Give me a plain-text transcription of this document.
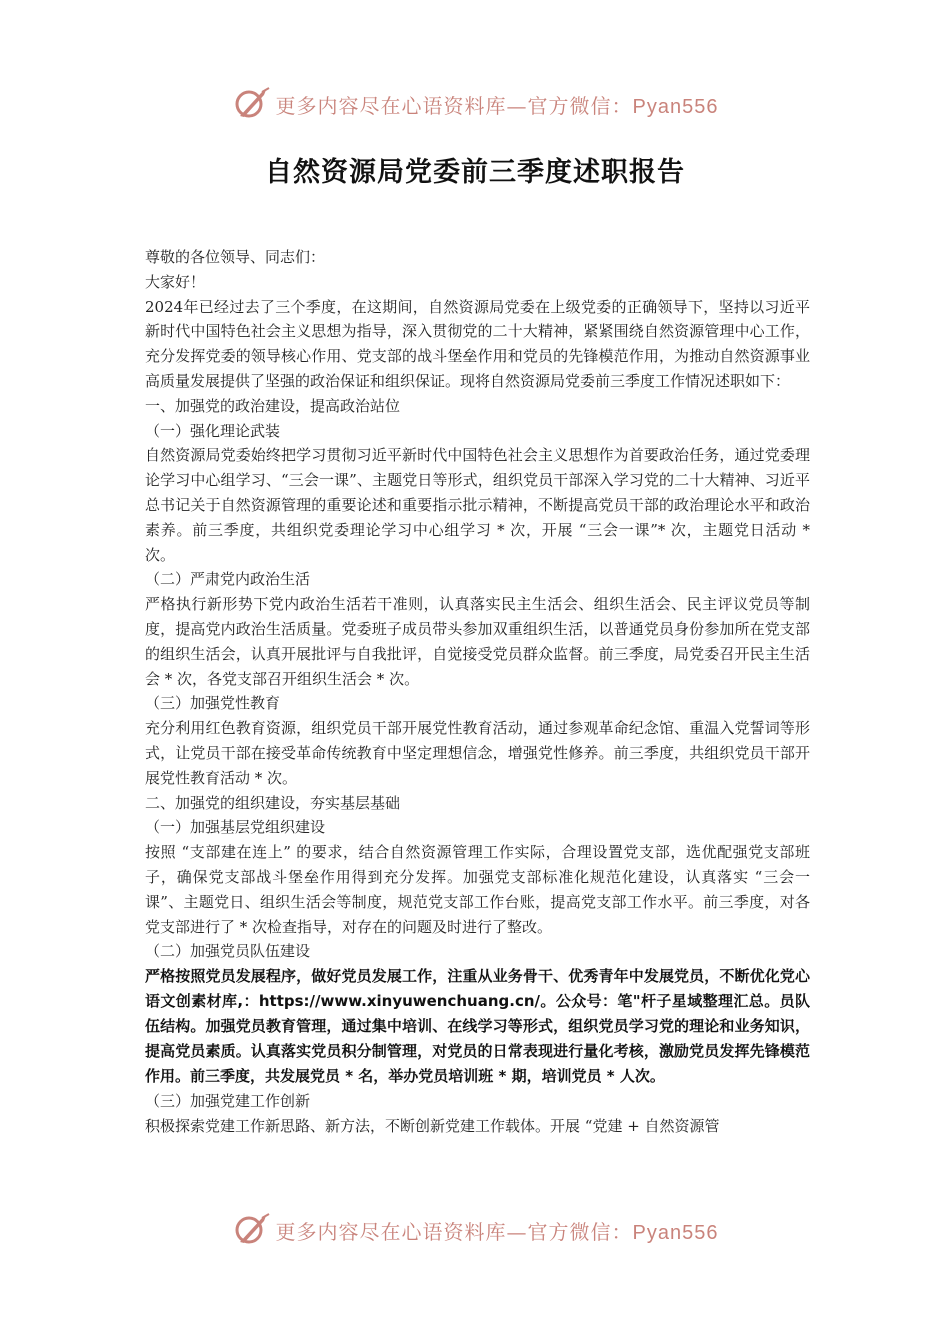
更多内容尽在心语资料库—官方微信：Pyan556
自然资源局党委前三季度述职报告

尊敬的各位领导、同志们：

大家好！

2024年已经过去了三个季度，在这期间，自然资源局党委在上级党委的正确领导下，坚持以习近平新时代中国特色社会主义思想为指导，深入贯彻党的二十大精神，紧紧围绕自然资源管理中心工作，充分发挥党委的领导核心作用、党支部的战斗堡垒作用和党员的先锋模范作用，为推动自然资源事业高质量发展提供了坚强的政治保证和组织保证。现将自然资源局党委前三季度工作情况述职如下：

一、加强党的政治建设，提高政治站位

（一）强化理论武装

自然资源局党委始终把学习贯彻习近平新时代中国特色社会主义思想作为首要政治任务，通过党委理论学习中心组学习、“三会一课”、主题党日等形式，组织党员干部深入学习党的二十大精神、习近平总书记关于自然资源管理的重要论述和重要指示批示精神，不断提高党员干部的政治理论水平和政治素养。前三季度，共组织党委理论学习中心组学习 * 次，开展 “三会一课”* 次，主题党日活动 * 次。

（二）严肃党内政治生活

严格执行新形势下党内政治生活若干准则，认真落实民主生活会、组织生活会、民主评议党员等制度，提高党内政治生活质量。党委班子成员带头参加双重组织生活，以普通党员身份参加所在党支部的组织生活会，认真开展批评与自我批评，自觉接受党员群众监督。前三季度，局党委召开民主生活会 * 次，各党支部召开组织生活会 * 次。

（三）加强党性教育

充分利用红色教育资源，组织党员干部开展党性教育活动，通过参观革命纪念馆、重温入党誓词等形式，让党员干部在接受革命传统教育中坚定理想信念，增强党性修养。前三季度，共组织党员干部开展党性教育活动 * 次。

二、加强党的组织建设，夯实基层基础

（一）加强基层党组织建设

按照 “支部建在连上” 的要求，结合自然资源管理工作实际，合理设置党支部，选优配强党支部班子，确保党支部战斗堡垒作用得到充分发挥。加强党支部标准化规范化建设，认真落实 “三会一课”、主题党日、组织生活会等制度，规范党支部工作台账，提高党支部工作水平。前三季度，对各党支部进行了 * 次检查指导，对存在的问题及时进行了整改。

（二）加强党员队伍建设

严格按照党员发展程序，做好党员发展工作，注重从业务骨干、优秀青年中发展党员，不断优化党心语文创素材库,：https://www.xinyuwenchuang.cn/。公众号：笔"杆子星域整理汇总。员队伍结构。加强党员教育管理，通过集中培训、在线学习等形式，组织党员学习党的理论和业务知识，提高党员素质。认真落实党员积分制管理，对党员的日常表现进行量化考核，激励党员发挥先锋模范作用。前三季度，共发展党员 * 名，举办党员培训班 * 期，培训党员 * 人次。

（三）加强党建工作创新

积极探索党建工作新思路、新方法，不断创新党建工作载体。开展 “党建 + 自然资源管

更多内容尽在心语资料库—官方微信：Pyan556
